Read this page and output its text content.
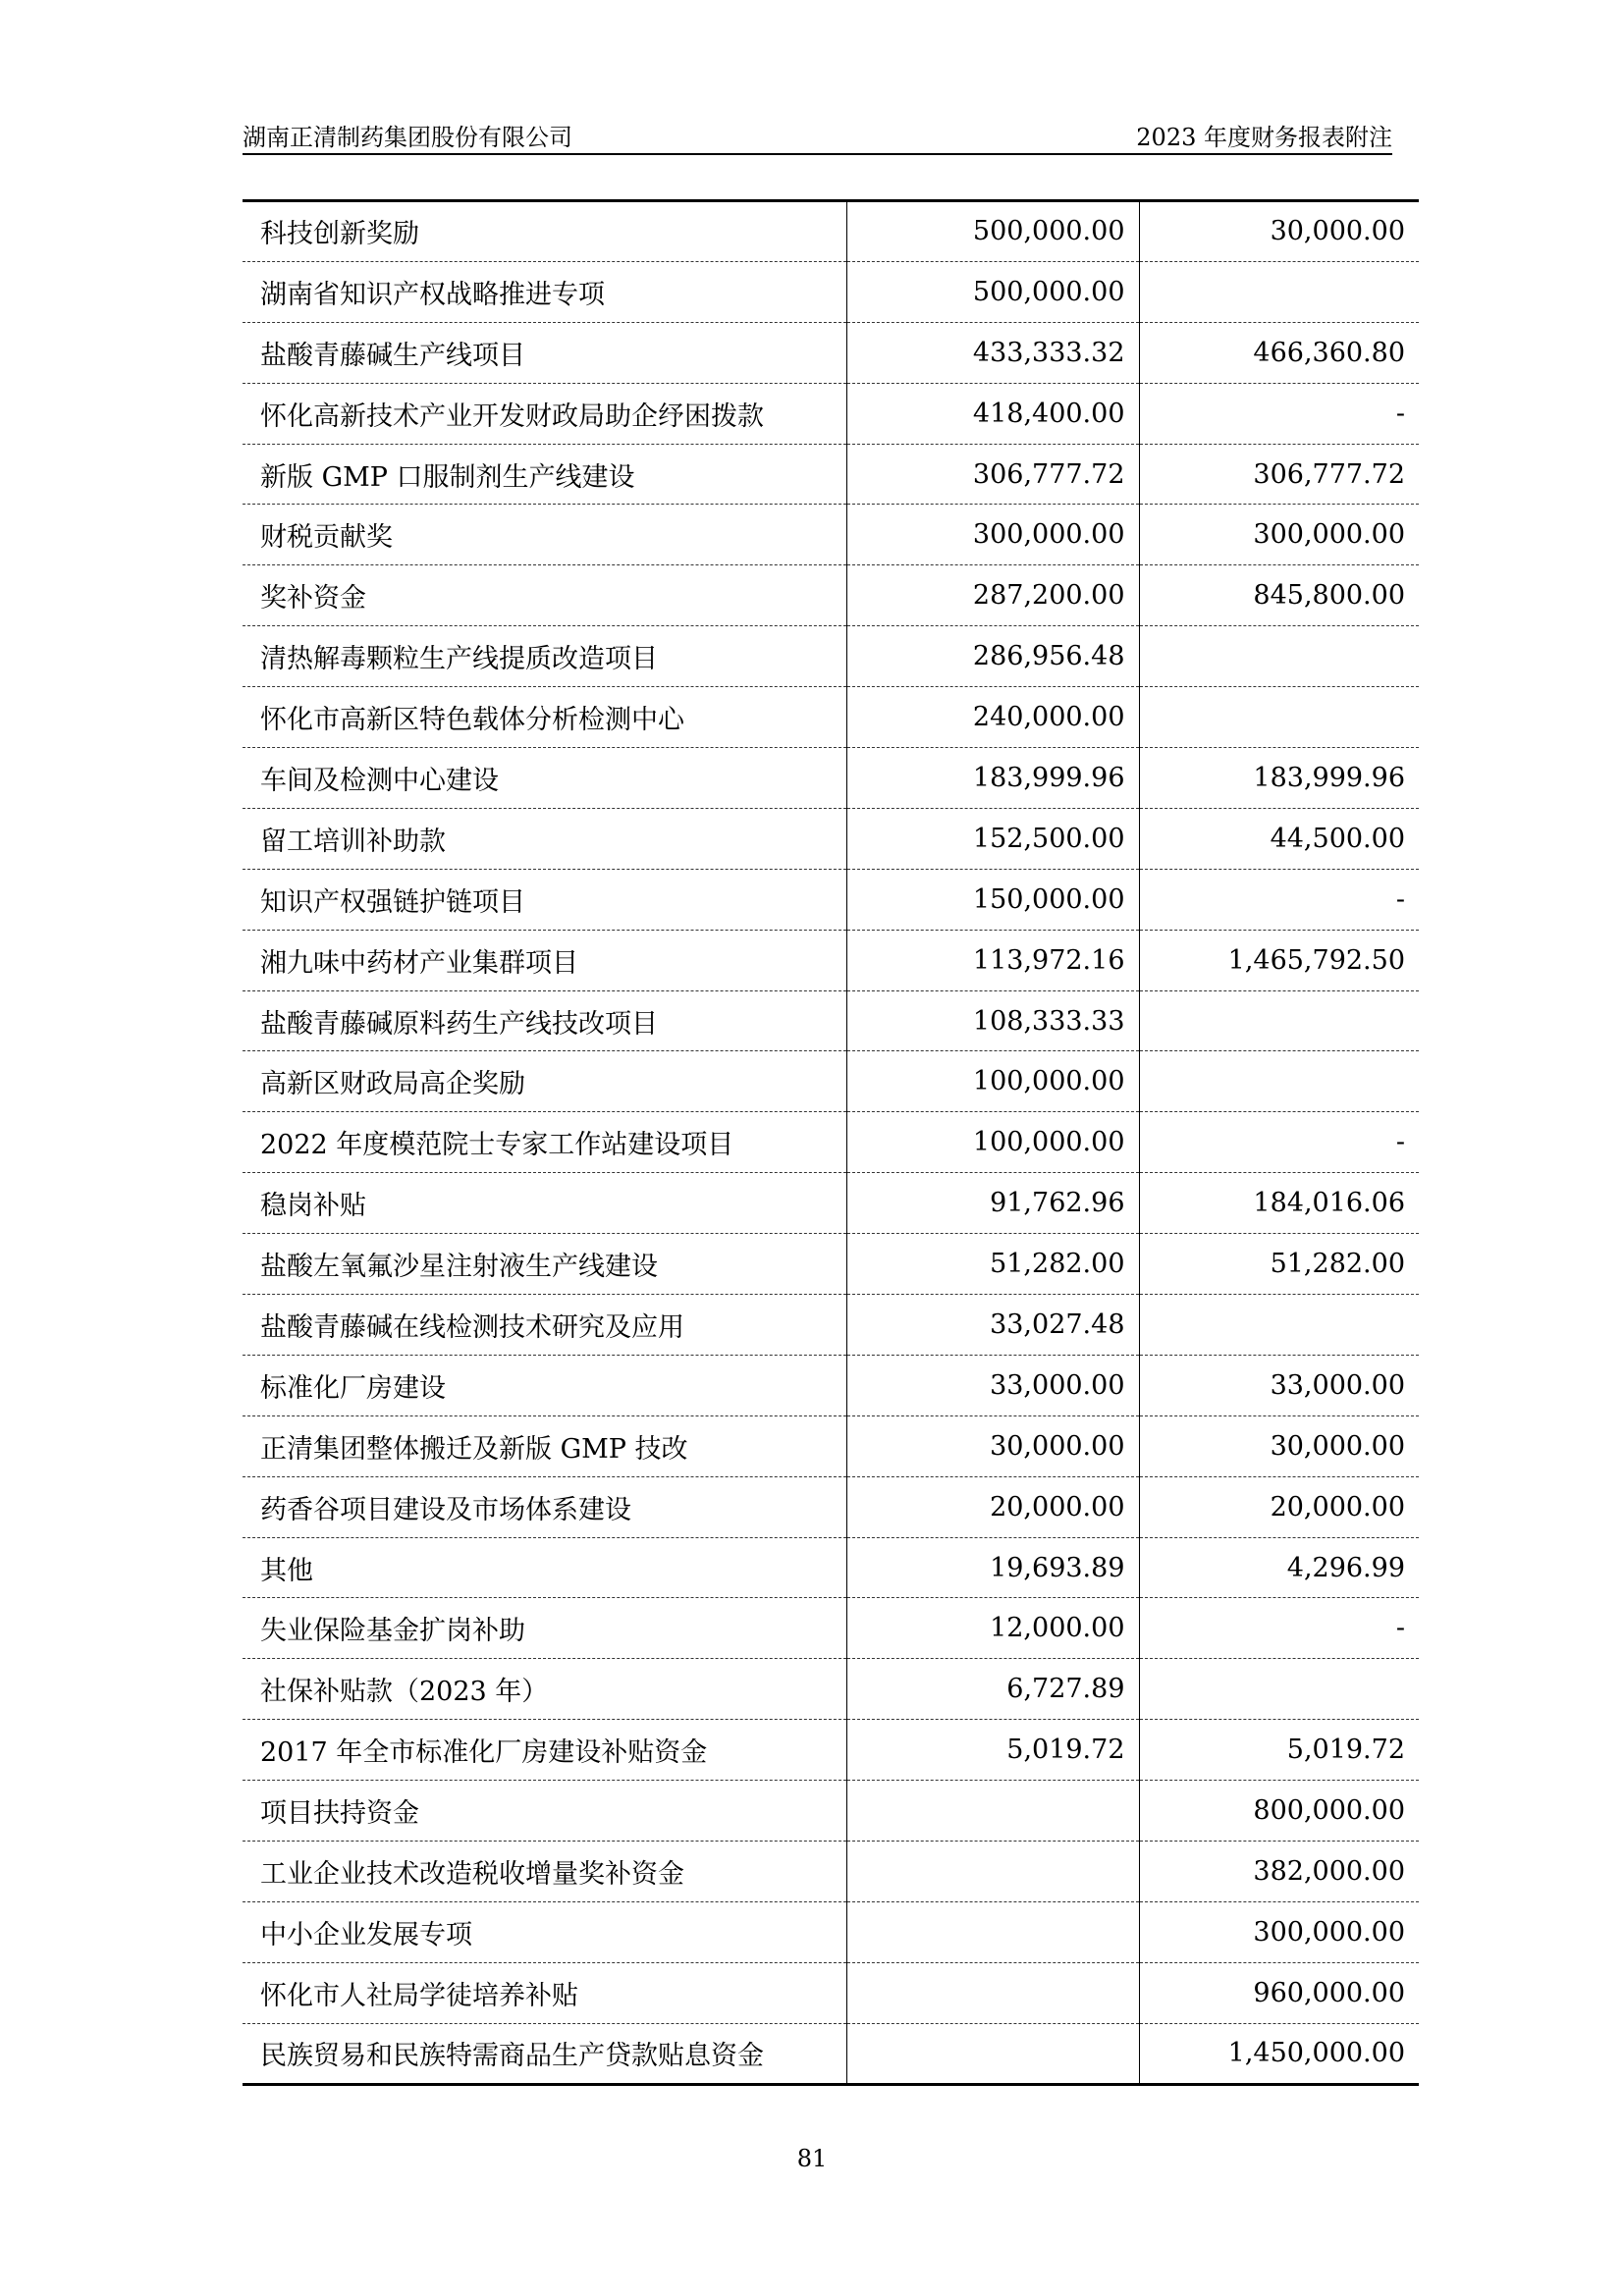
湖南正清制药集团股份有限公司	2023 年度财务报表附注
科技创新奖励	500,000.00	30,000.00
湖南省知识产权战略推进专项	500,000.00	
盐酸青藤碱生产线项目	433,333.32	466,360.80
怀化高新技术产业开发财政局助企纾困拨款	418,400.00	-
新版 GMP 口服制剂生产线建设	306,777.72	306,777.72
财税贡献奖	300,000.00	300,000.00
奖补资金	287,200.00	845,800.00
清热解毒颗粒生产线提质改造项目	286,956.48	
怀化市高新区特色载体分析检测中心	240,000.00	
车间及检测中心建设	183,999.96	183,999.96
留工培训补助款	152,500.00	44,500.00
知识产权强链护链项目	150,000.00	-
湘九味中药材产业集群项目	113,972.16	1,465,792.50
盐酸青藤碱原料药生产线技改项目	108,333.33	
高新区财政局高企奖励	100,000.00	
2022 年度模范院士专家工作站建设项目	100,000.00	-
稳岗补贴	91,762.96	184,016.06
盐酸左氧氟沙星注射液生产线建设	51,282.00	51,282.00
盐酸青藤碱在线检测技术研究及应用	33,027.48	
标准化厂房建设	33,000.00	33,000.00
正清集团整体搬迁及新版 GMP 技改	30,000.00	30,000.00
药香谷项目建设及市场体系建设	20,000.00	20,000.00
其他	19,693.89	4,296.99
失业保险基金扩岗补助	12,000.00	-
社保补贴款（2023 年）	6,727.89	
2017 年全市标准化厂房建设补贴资金	5,019.72	5,019.72
项目扶持资金		800,000.00
工业企业技术改造税收增量奖补资金		382,000.00
中小企业发展专项		300,000.00
怀化市人社局学徒培养补贴		960,000.00
民族贸易和民族特需商品生产贷款贴息资金		1,450,000.00
81
